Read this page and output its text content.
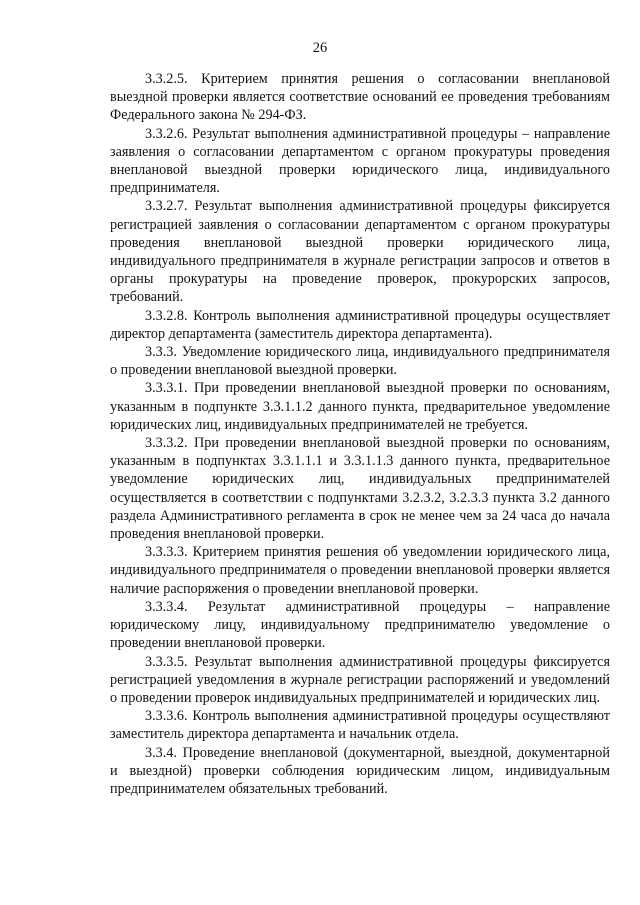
26

3.3.2.5. Критерием принятия решения о согласовании внеплановой выездной проверки является соответствие оснований ее проведения требованиям Федерального закона № 294-ФЗ.

3.3.2.6. Результат выполнения административной процедуры – направление заявления о согласовании департаментом с органом прокуратуры проведения внеплановой выездной проверки юридического лица, индивидуального предпринимателя.

3.3.2.7. Результат выполнения административной процедуры фиксируется регистрацией заявления о согласовании департаментом с органом прокуратуры проведения внеплановой выездной проверки юридического лица, индивидуального предпринимателя в журнале регистрации запросов и ответов в органы прокуратуры на проведение проверок, прокурорских запросов, требований.

3.3.2.8. Контроль выполнения административной процедуры осуществляет директор департамента (заместитель директора департамента).

3.3.3. Уведомление юридического лица, индивидуального предпринимателя о проведении внеплановой выездной проверки.

3.3.3.1. При проведении внеплановой выездной проверки по основаниям, указанным в подпункте 3.3.1.1.2 данного пункта, предварительное уведомление юридических лиц, индивидуальных предпринимателей не требуется.

3.3.3.2. При проведении внеплановой выездной проверки по основаниям, указанным в подпунктах 3.3.1.1.1 и 3.3.1.1.3 данного пункта, предварительное уведомление юридических лиц, индивидуальных предпринимателей осуществляется в соответствии с подпунктами 3.2.3.2, 3.2.3.3 пункта 3.2 данного раздела Административного регламента в срок не менее чем за 24 часа до начала проведения внеплановой проверки.

3.3.3.3. Критерием принятия решения об уведомлении юридического лица, индивидуального предпринимателя о проведении внеплановой проверки является наличие распоряжения о проведении внеплановой проверки.

3.3.3.4. Результат административной процедуры – направление юридическому лицу, индивидуальному предпринимателю уведомление о проведении внеплановой проверки.

3.3.3.5. Результат выполнения административной процедуры фиксируется регистрацией уведомления в журнале регистрации распоряжений и уведомлений о проведении проверок индивидуальных предпринимателей и юридических лиц.

3.3.3.6. Контроль выполнения административной процедуры осуществляют заместитель директора департамента и начальник отдела.

3.3.4. Проведение внеплановой (документарной, выездной, документарной и выездной) проверки соблюдения юридическим лицом, индивидуальным предпринимателем обязательных требований.
